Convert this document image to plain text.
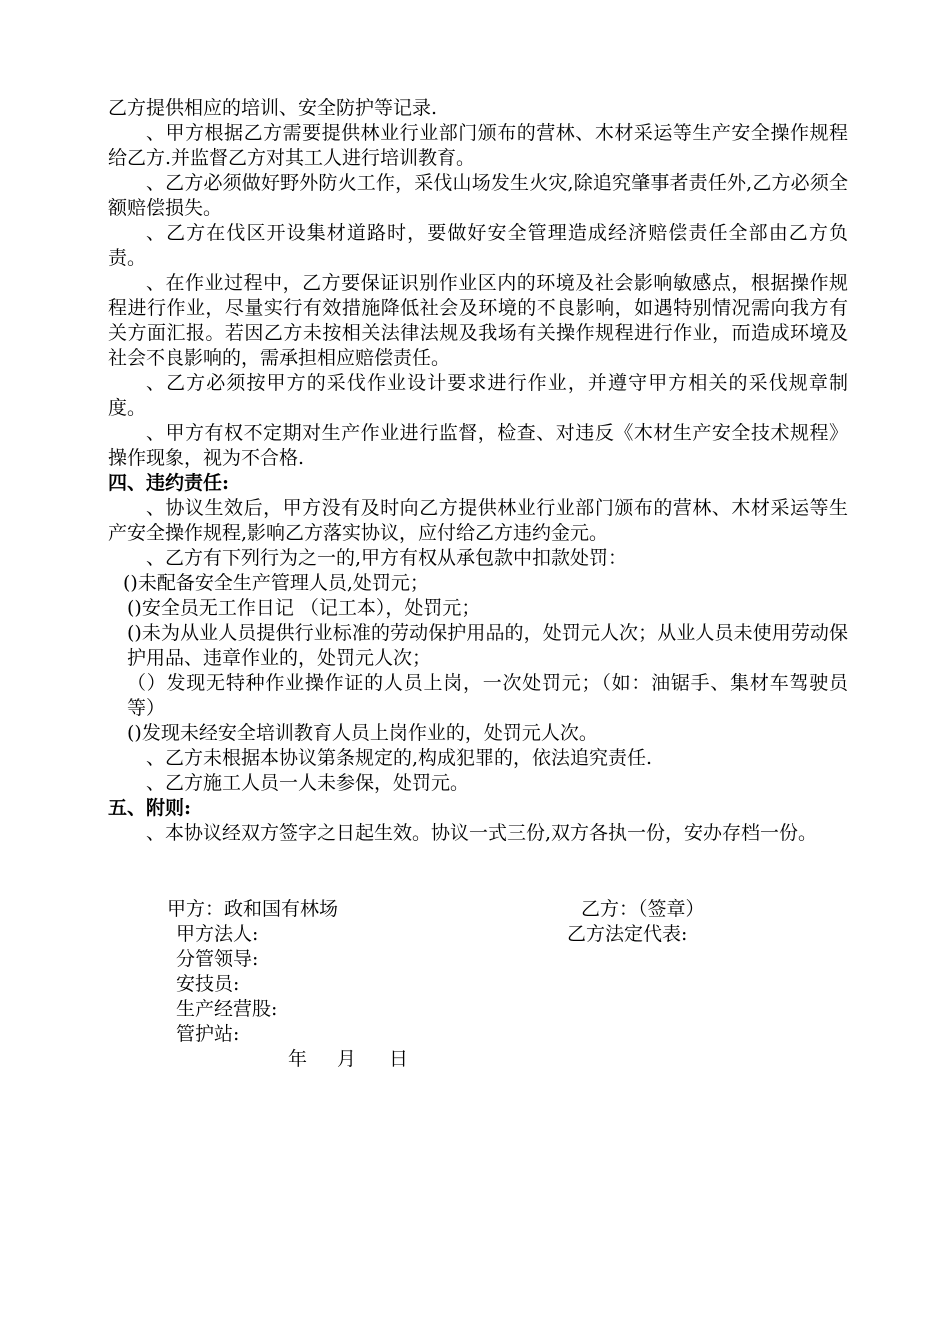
乙方提供相应的培训、安全防护等记录.

、甲方根据乙方需要提供林业行业部门颁布的营林、木材采运等生产安全操作规程给乙方.并监督乙方对其工人进行培训教育。

、乙方必须做好野外防火工作，采伐山场发生火灾,除追究肇事者责任外,乙方必须全额赔偿损失。

、乙方在伐区开设集材道路时，要做好安全管理造成经济赔偿责任全部由乙方负责。

、在作业过程中，乙方要保证识别作业区内的环境及社会影响敏感点，根据操作规程进行作业，尽量实行有效措施降低社会及环境的不良影响，如遇特别情况需向我方有关方面汇报。若因乙方未按相关法律法规及我场有关操作规程进行作业，而造成环境及社会不良影响的，需承担相应赔偿责任。

、乙方必须按甲方的采伐作业设计要求进行作业，并遵守甲方相关的采伐规章制度。

、甲方有权不定期对生产作业进行监督，检查、对违反《木材生产安全技术规程》操作现象，视为不合格.

四、违约责任:

、协议生效后，甲方没有及时向乙方提供林业行业部门颁布的营林、木材采运等生产安全操作规程,影响乙方落实协议，应付给乙方违约金元。

、乙方有下列行为之一的,甲方有权从承包款中扣款处罚：

()未配备安全生产管理人员,处罚元；

()安全员无工作日记 （记工本），处罚元；

()未为从业人员提供行业标准的劳动保护用品的，处罚元人次；从业人员未使用劳动保护用品、违章作业的，处罚元人次；

（）发现无特种作业操作证的人员上岗，一次处罚元；（如：油锯手、集材车驾驶员等）

()发现未经安全培训教育人员上岗作业的，处罚元人次。

、乙方未根据本协议第条规定的,构成犯罪的，依法追究责任.

、乙方施工人员一人未参保，处罚元。

五、附则:

、本协议经双方签字之日起生效。协议一式三份,双方各执一份，安办存档一份。

甲方：政和国有林场	乙方：（签章）
甲方法人:	乙方法定代表:
分管领导:
安技员:
生产经营股:
管护站:
年 月 日
